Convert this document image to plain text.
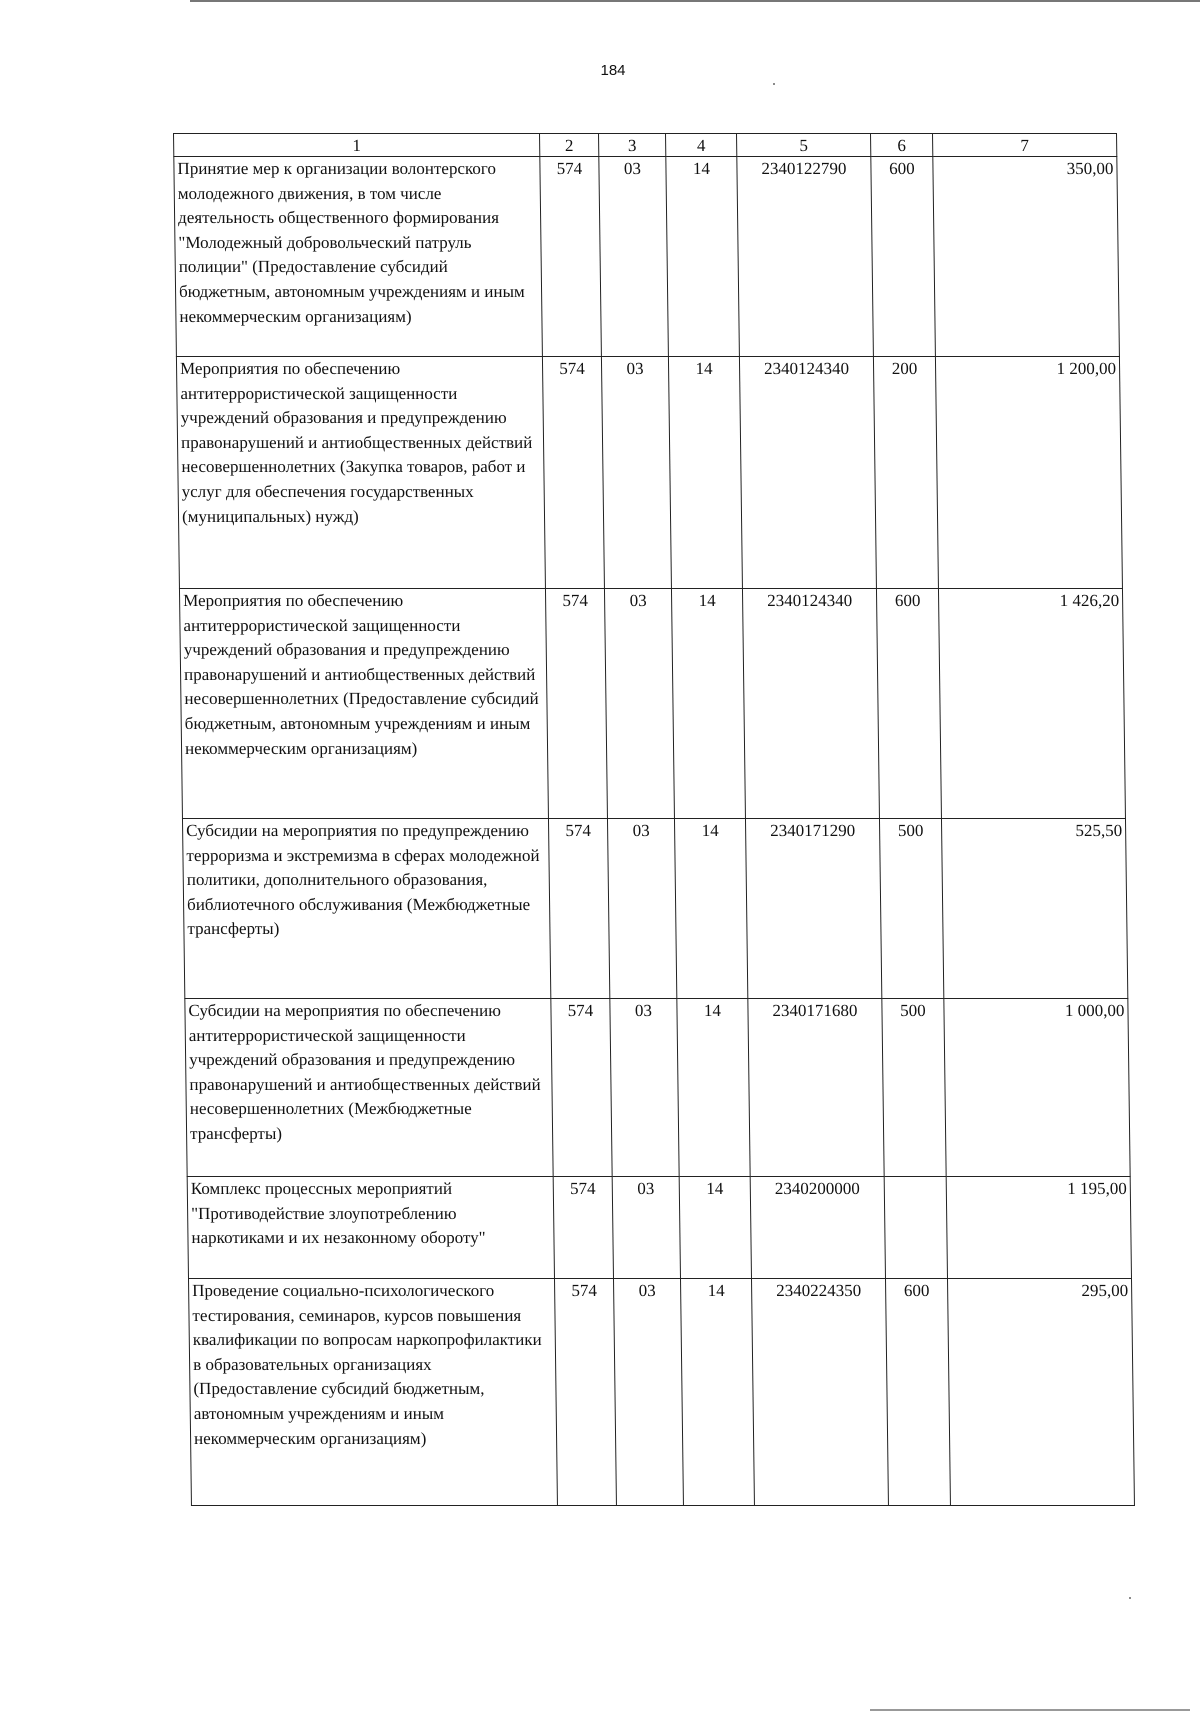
184
1	2	3	4	5	6	7
Принятие мер к организации волонтерского молодежного движения, в том числе деятельность общественного формирования "Молодежный добровольческий патруль полиции" (Предоставление субсидий бюджетным, автономным учреждениям и иным некоммерческим организациям)	574	03	14	2340122790	600	350,00
Мероприятия по обеспечению антитеррористической защищенности учреждений образования и предупреждению правонарушений и антиобщественных действий несовершеннолетних (Закупка товаров, работ и услуг для обеспечения государственных (муниципальных) нужд)	574	03	14	2340124340	200	1 200,00
Мероприятия по обеспечению антитеррористической защищенности учреждений образования и предупреждению правонарушений и антиобщественных действий несовершеннолетних (Предоставление субсидий бюджетным, автономным учреждениям и иным некоммерческим организациям)	574	03	14	2340124340	600	1 426,20
Субсидии на мероприятия по предупреждению терроризма и экстремизма в сферах молодежной политики, дополнительного образования, библиотечного обслуживания (Межбюджетные трансферты)	574	03	14	2340171290	500	525,50
Субсидии на мероприятия по обеспечению антитеррористической защищенности учреждений образования и предупреждению правонарушений и антиобщественных действий несовершеннолетних (Межбюджетные трансферты)	574	03	14	2340171680	500	1 000,00
Комплекс процессных мероприятий "Противодействие злоупотреблению наркотиками и их незаконному обороту"	574	03	14	2340200000		1 195,00
Проведение социально-психологического тестирования, семинаров, курсов повышения квалификации по вопросам наркопрофилактики в образовательных организациях (Предоставление субсидий бюджетным, автономным учреждениям и иным некоммерческим организациям)	574	03	14	2340224350	600	295,00
